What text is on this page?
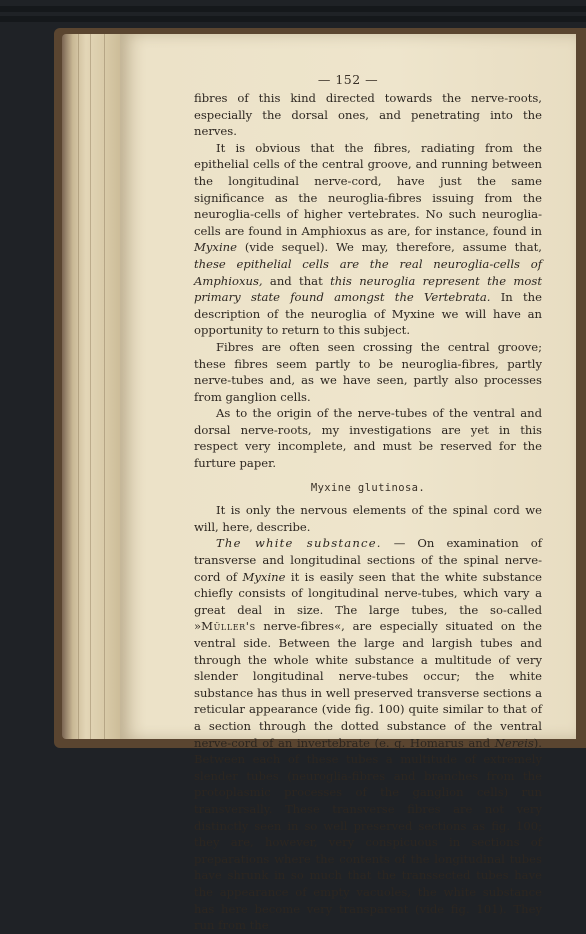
— 152 —

fibres of this kind directed towards the nerve-roots, especially the dorsal ones, and penetrating into the nerves.

It is obvious that the fibres, radiating from the epithelial cells of the central groove, and running between the longitudinal nerve-cord, have just the same significance as the neuroglia-fibres issuing from the neuroglia-cells of higher vertebrates. No such neuroglia-cells are found in Amphioxus as are, for instance, found in Myxine (vide sequel). We may, therefore, assume that, these epithelial cells are the real neuroglia-cells of Amphioxus, and that this neuroglia represent the most primary state found amongst the Vertebrata. In the description of the neuroglia of Myxine we will have an opportunity to return to this subject.

Fibres are often seen crossing the central groove; these fibres seem partly to be neuroglia-fibres, partly nerve-tubes and, as we have seen, partly also processes from ganglion cells.

As to the origin of the nerve-tubes of the ventral and dorsal nerve-roots, my investigations are yet in this respect very incomplete, and must be reserved for the furture paper.

Myxine glutinosa.

It is only the nervous elements of the spinal cord we will, here, describe.

The white substance. — On examination of transverse and longitudinal sections of the spinal nerve-cord of Myxine it is easily seen that the white substance chiefly consists of longitudinal nerve-tubes, which vary a great deal in size. The large tubes, the so-called »Müller's nerve-fibres«, are especially situated on the ventral side. Between the large and largish tubes and through the whole white substance a multitude of very slender longitudinal nerve-tubes occur; the white substance has thus in well preserved transverse sections a reticular appearance (vide fig. 100) quite similar to that of a section through the dotted substance of the ventral nerve-cord of an invertebrate (e. g. Homarus and Nereis). Between each of these tubes a multitude of extremely slender tubes (neuroglia-fibres and branches from the protoplasmic processes of the ganglion cells) run transversally. These transverse fibres are not very distinctly seen in so well preserved sections as fig. 100; they are, however, very conspicuous in sections of preparations where the contents of the longitudinal tubes have shrunk in so much that the transsected tubes have the appearance of empty vacuoles, the white substance has here become very transparent (vide fig. 101). They run from the
